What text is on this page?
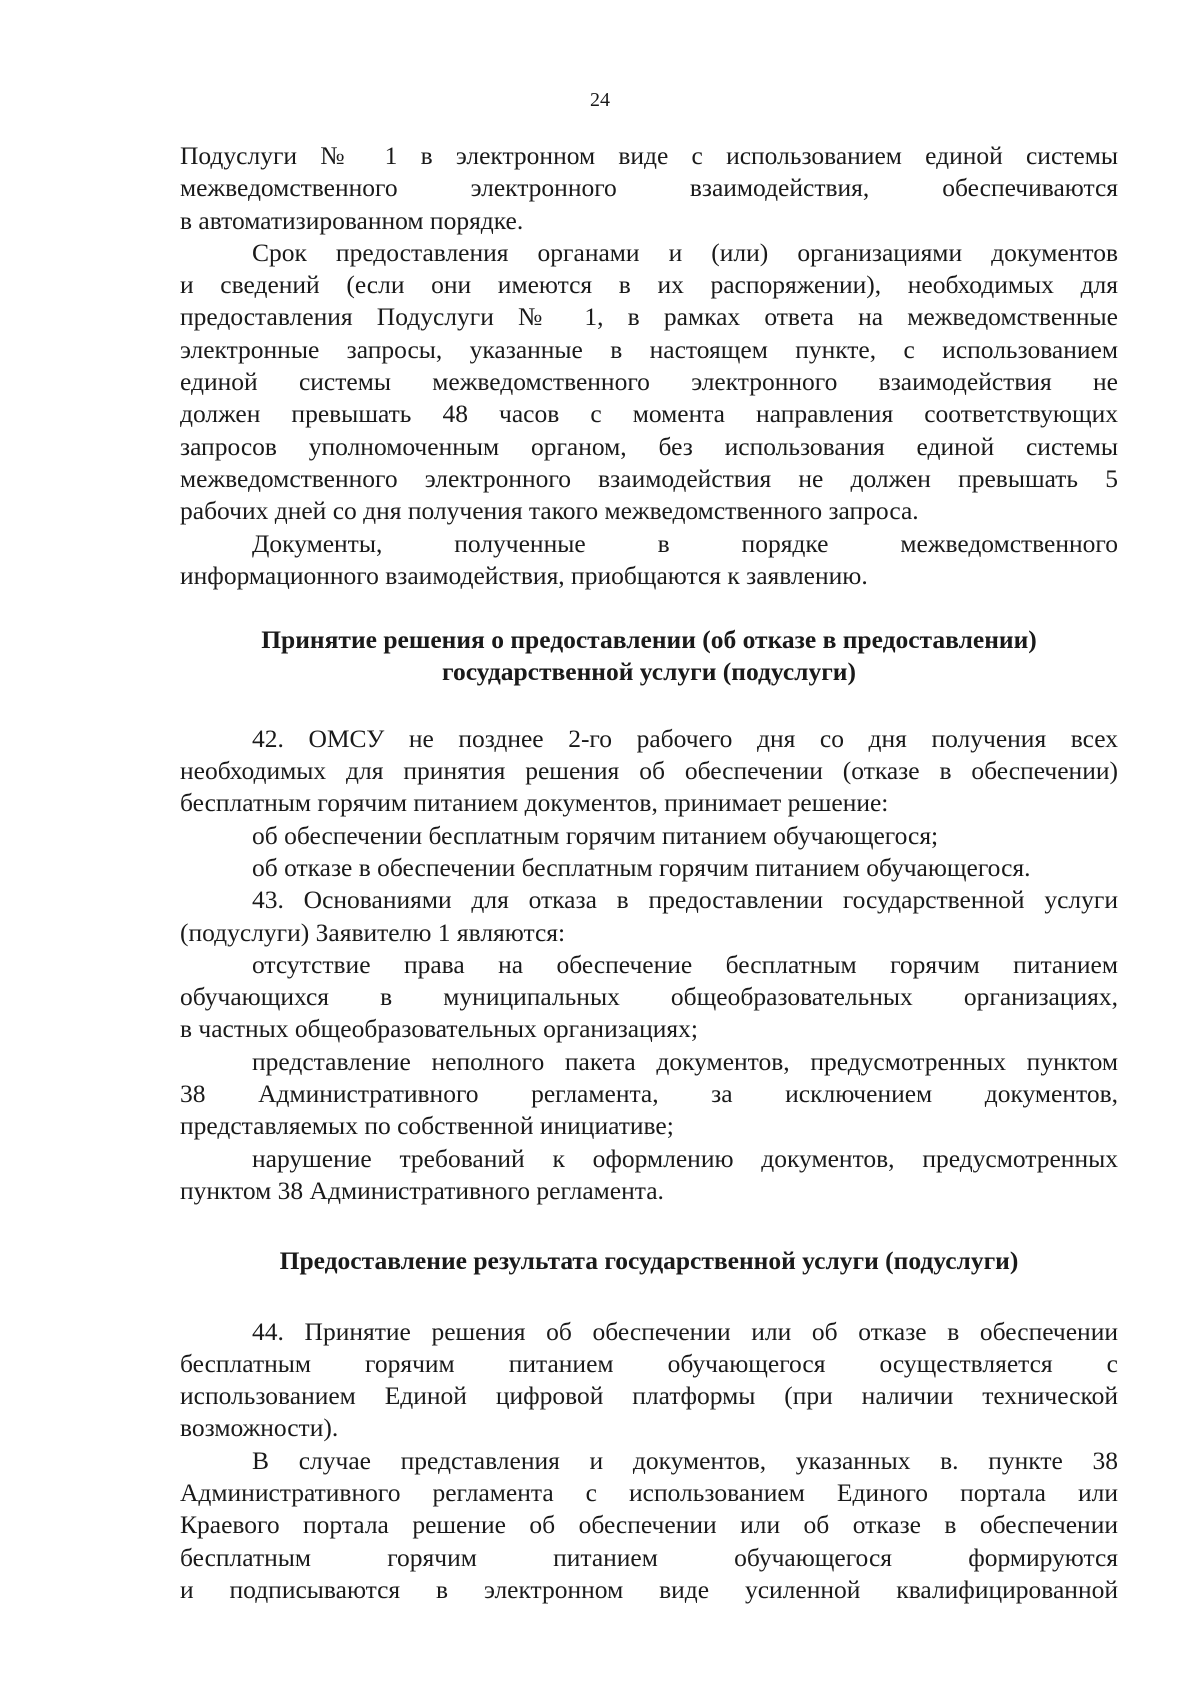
24
Подуслуги № 1 в электронном виде с использованием единой системы
межведомственного электронного взаимодействия, обеспечиваются
в автоматизированном порядке.
Срок предоставления органами и (или) организациями документов
и сведений (если они имеются в их распоряжении), необходимых для
предоставления Подуслуги № 1, в рамках ответа на межведомственные
электронные запросы, указанные в настоящем пункте, с использованием
единой системы межведомственного электронного взаимодействия не
должен превышать 48 часов с момента направления соответствующих
запросов уполномоченным органом, без использования единой системы
межведомственного электронного взаимодействия не должен превышать 5
рабочих дней со дня получения такого межведомственного запроса.
Документы, полученные в порядке межведомственного
информационного взаимодействия, приобщаются к заявлению.
Принятие решения о предоставлении (об отказе в предоставлении)
государственной услуги (подуслуги)
42. ОМСУ не позднее 2-го рабочего дня со дня получения всех
необходимых для принятия решения об обеспечении (отказе в обеспечении)
бесплатным горячим питанием документов, принимает решение:
об обеспечении бесплатным горячим питанием обучающегося;
об отказе в обеспечении бесплатным горячим питанием обучающегося.
43. Основаниями для отказа в предоставлении государственной услуги
(подуслуги) Заявителю 1 являются:
отсутствие права на обеспечение бесплатным горячим питанием
обучающихся в муниципальных общеобразовательных организациях,
в частных общеобразовательных организациях;
представление неполного пакета документов, предусмотренных пунктом
38 Административного регламента, за исключением документов,
представляемых по собственной инициативе;
нарушение требований к оформлению документов, предусмотренных
пунктом 38 Административного регламента.
Предоставление результата государственной услуги (подуслуги)
44. Принятие решения об обеспечении или об отказе в обеспечении
бесплатным горячим питанием обучающегося осуществляется с
использованием Единой цифровой платформы (при наличии технической
возможности).
В случае представления и документов, указанных в. пункте 38
Административного регламента с использованием Единого портала или
Краевого портала решение об обеспечении или об отказе в обеспечении
бесплатным горячим питанием обучающегося формируются
и подписываются в электронном виде усиленной квалифицированной
